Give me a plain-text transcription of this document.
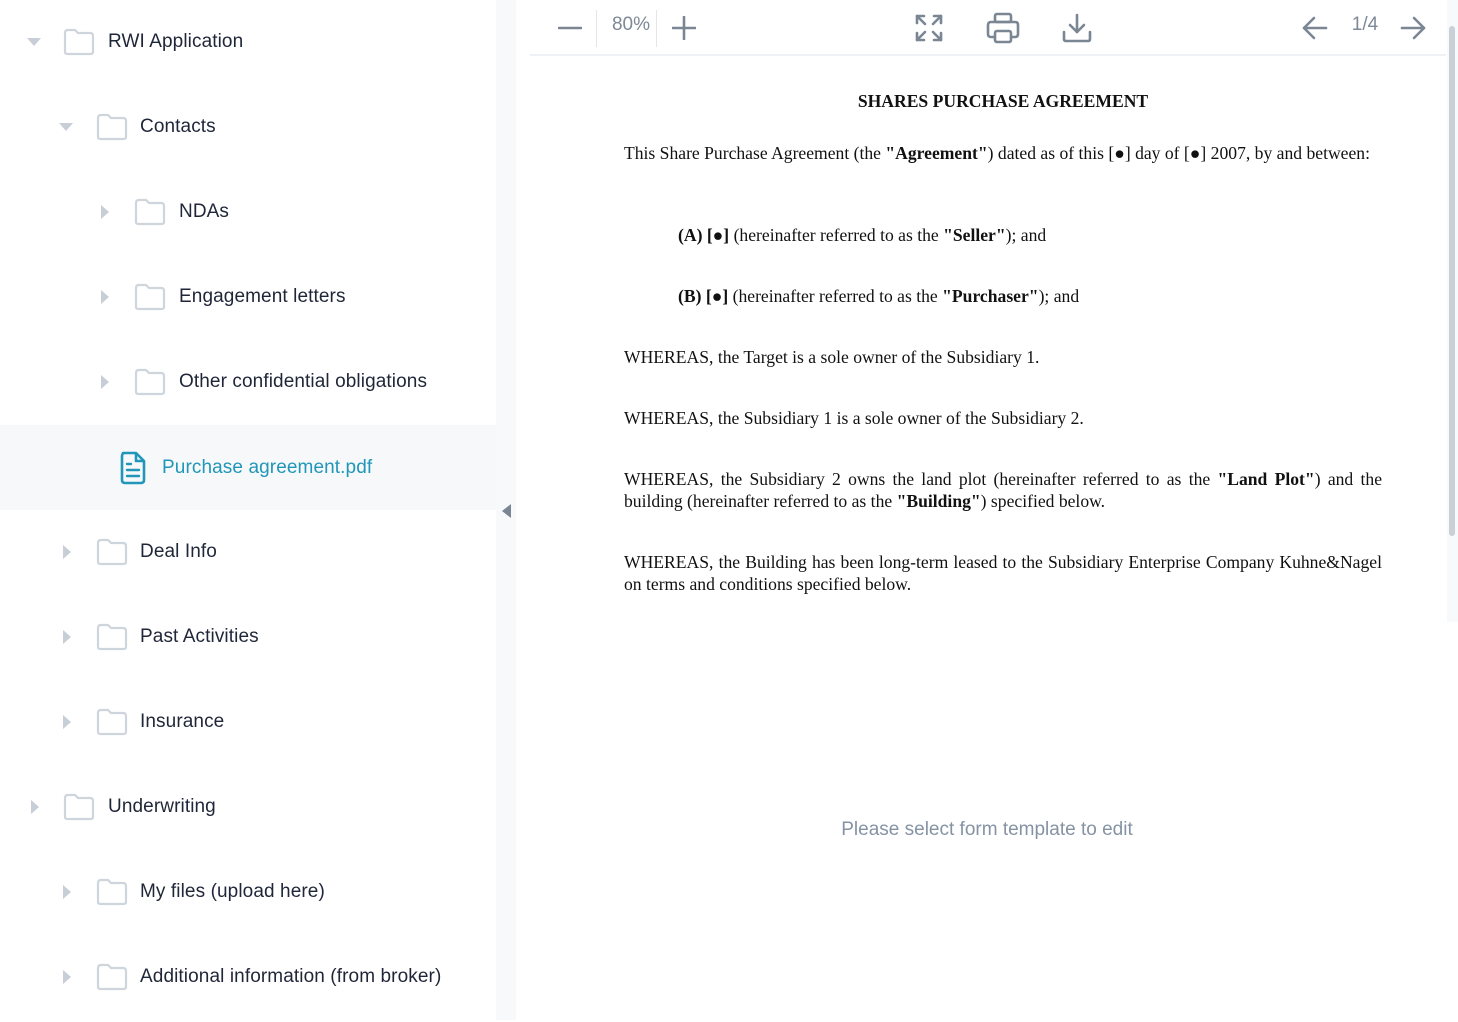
RWI Application
Contacts
NDAs
Engagement letters
Other confidential obligations
Purchase agreement.pdf
Deal Info
Past Activities
Insurance
Underwriting
My files (upload here)
Additional information (from broker)
80%	1/4
SHARES PURCHASE AGREEMENT
This Share Purchase Agreement (the "Agreement") dated as of this [●] day of [●] 2007, by and between:
(A) [●] (hereinafter referred to as the "Seller"); and
(B) [●] (hereinafter referred to as the "Purchaser"); and
WHEREAS, the Target is a sole owner of the Subsidiary 1.
WHEREAS, the Subsidiary 1 is a sole owner of the Subsidiary 2.
WHEREAS, the Subsidiary 2 owns the land plot (hereinafter referred to as the "Land Plot") and the building (hereinafter referred to as the "Building") specified below.
WHEREAS, the Building has been long-term leased to the Subsidiary Enterprise Company Kuhne&Nagel on terms and conditions specified below.
Please select form template to edit
